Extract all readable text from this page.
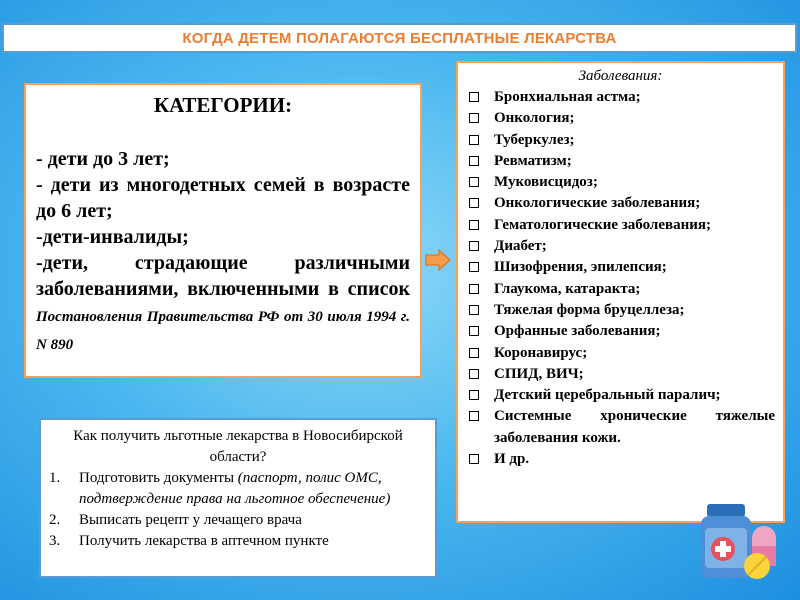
КОГДА ДЕТЕМ ПОЛАГАЮТСЯ БЕСПЛАТНЫЕ ЛЕКАРСТВА
КАТЕГОРИИ:
- дети до 3 лет;
- дети из многодетных семей в возрасте до 6 лет;
-дети-инвалиды;
-дети, страдающие различными заболеваниями, включенными в список Постановления Правительства РФ от 30 июля 1994 г. N 890
Заболевания:
Бронхиальная астма;
Онкология;
Туберкулез;
Ревматизм;
Муковисцидоз;
Онкологические заболевания;
Гематологические заболевания;
Диабет;
Шизофрения, эпилепсия;
Глаукома, катаракта;
Тяжелая форма бруцеллеза;
Орфанные заболевания;
Коронавирус;
СПИД, ВИЧ;
Детский церебральный паралич;
Системные хронические тяжелые заболевания кожи.
И др.
Как получить льготные лекарства в Новосибирской области?
1.	Подготовить документы (паспорт, полис ОМС, подтверждение права на льготное обеспечение)
2.	Выписать рецепт у лечащего врача
3.	Получить лекарства в аптечном пункте
